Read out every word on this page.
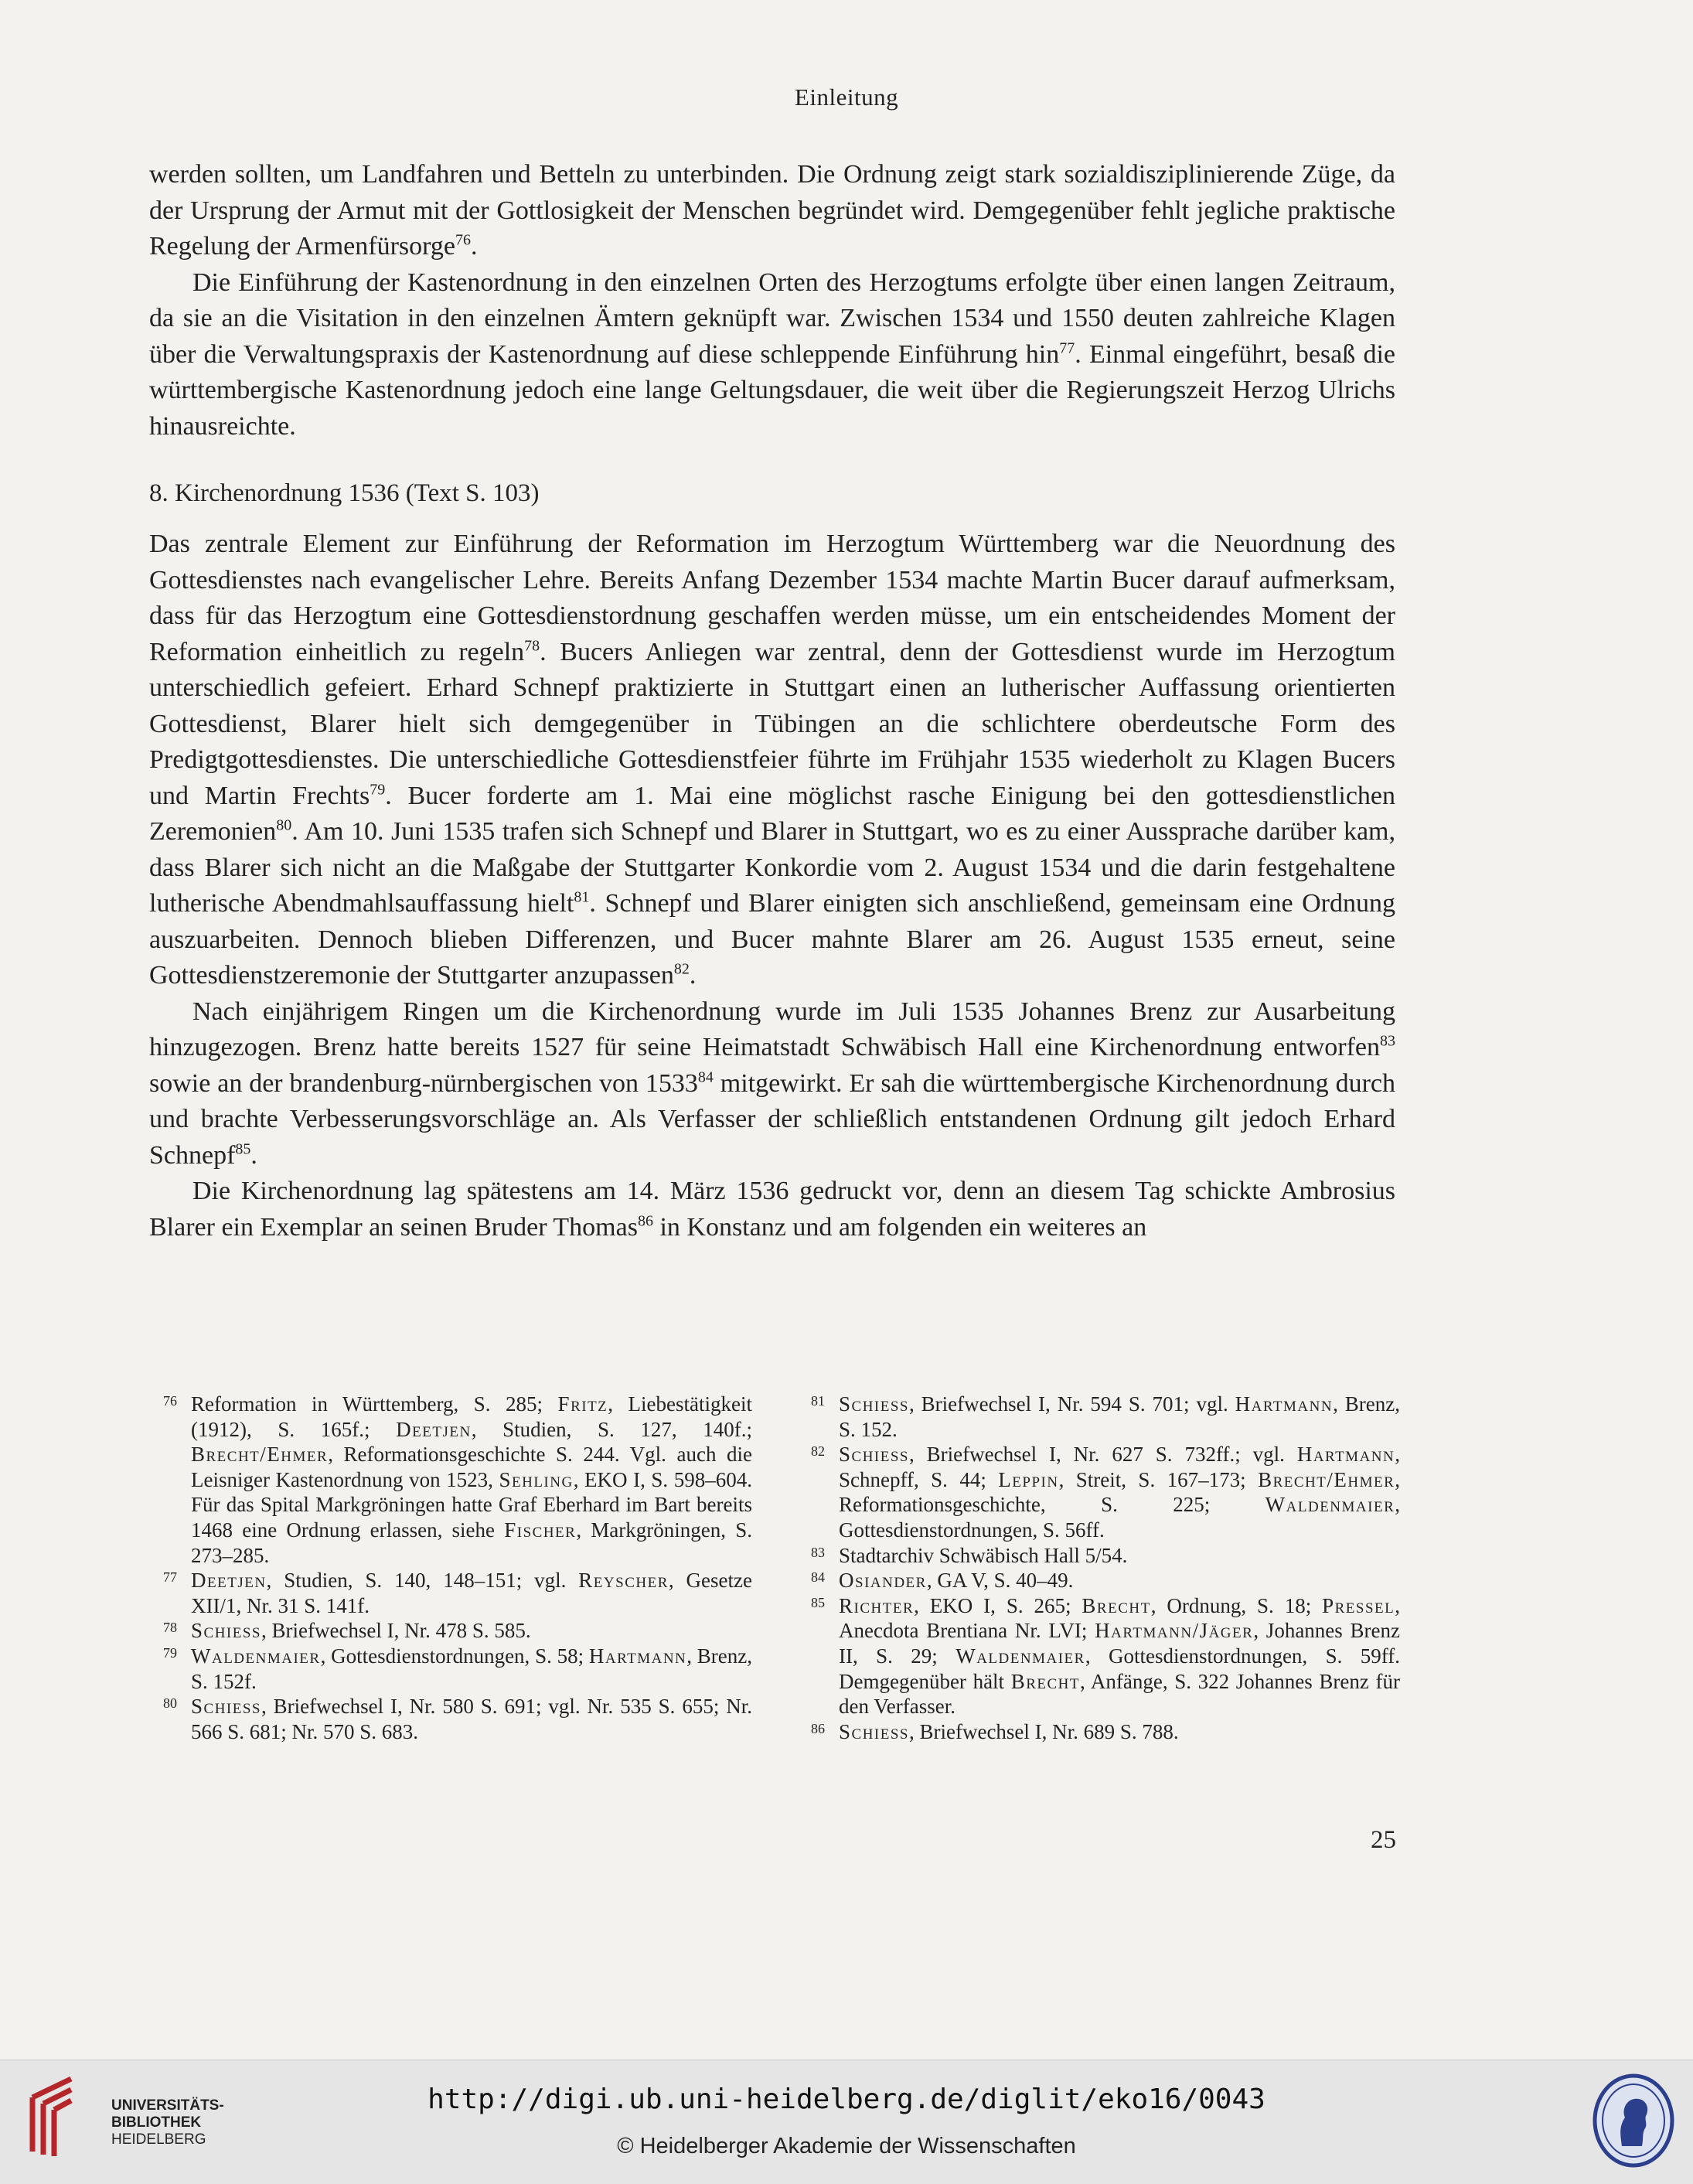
Einleitung

werden sollten, um Landfahren und Betteln zu unterbinden. Die Ordnung zeigt stark sozialdisziplinierende Züge, da der Ursprung der Armut mit der Gottlosigkeit der Menschen begründet wird. Demgegenüber fehlt jegliche praktische Regelung der Armenfürsorge$^{76}$.

Die Einführung der Kastenordnung in den einzelnen Orten des Herzogtums erfolgte über einen langen Zeitraum, da sie an die Visitation in den einzelnen Ämtern geknüpft war. Zwischen 1534 und 1550 deuten zahlreiche Klagen über die Verwaltungspraxis der Kastenordnung auf diese schleppende Einführung hin$^{77}$. Einmal eingeführt, besaß die württembergische Kastenordnung jedoch eine lange Geltungsdauer, die weit über die Regierungszeit Herzog Ulrichs hinausreichte.

8. Kirchenordnung 1536 (Text S. 103)

Das zentrale Element zur Einführung der Reformation im Herzogtum Württemberg war die Neuordnung des Gottesdienstes nach evangelischer Lehre. Bereits Anfang Dezember 1534 machte Martin Bucer darauf aufmerksam, dass für das Herzogtum eine Gottesdienstordnung geschaffen werden müsse, um ein entscheidendes Moment der Reformation einheitlich zu regeln$^{78}$. Bucers Anliegen war zentral, denn der Gottesdienst wurde im Herzogtum unterschiedlich gefeiert. Erhard Schnepf praktizierte in Stuttgart einen an lutherischer Auffassung orientierten Gottesdienst, Blarer hielt sich demgegenüber in Tübingen an die schlichtere oberdeutsche Form des Predigtgottesdienstes. Die unterschiedliche Gottesdienstfeier führte im Frühjahr 1535 wiederholt zu Klagen Bucers und Martin Frechts$^{79}$. Bucer forderte am 1. Mai eine möglichst rasche Einigung bei den gottesdienstlichen Zeremonien$^{80}$. Am 10. Juni 1535 trafen sich Schnepf und Blarer in Stuttgart, wo es zu einer Aussprache darüber kam, dass Blarer sich nicht an die Maßgabe der Stuttgarter Konkordie vom 2. August 1534 und die darin festgehaltene lutherische Abendmahlsauffassung hielt$^{81}$. Schnepf und Blarer einigten sich anschließend, gemeinsam eine Ordnung auszuarbeiten. Dennoch blieben Differenzen, und Bucer mahnte Blarer am 26. August 1535 erneut, seine Gottesdienstzeremonie der Stuttgarter anzupassen$^{82}$.

Nach einjährigem Ringen um die Kirchenordnung wurde im Juli 1535 Johannes Brenz zur Ausarbeitung hinzugezogen. Brenz hatte bereits 1527 für seine Heimatstadt Schwäbisch Hall eine Kirchenordnung entworfen$^{83}$ sowie an der brandenburg-nürnbergischen von 1533$^{84}$ mitgewirkt. Er sah die württembergische Kirchenordnung durch und brachte Verbesserungsvorschläge an. Als Verfasser der schließlich entstandenen Ordnung gilt jedoch Erhard Schnepf$^{85}$.

Die Kirchenordnung lag spätestens am 14. März 1536 gedruckt vor, denn an diesem Tag schickte Ambrosius Blarer ein Exemplar an seinen Bruder Thomas$^{86}$ in Konstanz und am folgenden ein weiteres an

76 Reformation in Württemberg, S. 285; Fritz, Liebestätigkeit (1912), S. 165f.; Deetjen, Studien, S. 127, 140f.; Brecht/Ehmer, Reformationsgeschichte S. 244. Vgl. auch die Leisniger Kastenordnung von 1523, Sehling, EKO I, S. 598–604. Für das Spital Markgröningen hatte Graf Eberhard im Bart bereits 1468 eine Ordnung erlassen, siehe Fischer, Markgröningen, S. 273–285.

77 Deetjen, Studien, S. 140, 148–151; vgl. Reyscher, Gesetze XII/1, Nr. 31 S. 141f.

78 Schiess, Briefwechsel I, Nr. 478 S. 585.

79 Waldenmaier, Gottesdienstordnungen, S. 58; Hartmann, Brenz, S. 152f.

80 Schiess, Briefwechsel I, Nr. 580 S. 691; vgl. Nr. 535 S. 655; Nr. 566 S. 681; Nr. 570 S. 683.

81 Schiess, Briefwechsel I, Nr. 594 S. 701; vgl. Hartmann, Brenz, S. 152.

82 Schiess, Briefwechsel I, Nr. 627 S. 732ff.; vgl. Hartmann, Schnepff, S. 44; Leppin, Streit, S. 167–173; Brecht/Ehmer, Reformationsgeschichte, S. 225; Waldenmaier, Gottesdienstordnungen, S. 56ff.

83 Stadtarchiv Schwäbisch Hall 5/54.

84 Osiander, GA V, S. 40–49.

85 Richter, EKO I, S. 265; Brecht, Ordnung, S. 18; Pressel, Anecdota Brentiana Nr. LVI; Hartmann/Jäger, Johannes Brenz II, S. 29; Waldenmaier, Gottesdienstordnungen, S. 59ff. Demgegenüber hält Brecht, Anfänge, S. 322 Johannes Brenz für den Verfasser.

86 Schiess, Briefwechsel I, Nr. 689 S. 788.

25
UNIVERSITÄTS-
BIBLIOTHEK
HEIDELBERG
http://digi.ub.uni-heidelberg.de/diglit/eko16/0043
© Heidelberger Akademie der Wissenschaften
